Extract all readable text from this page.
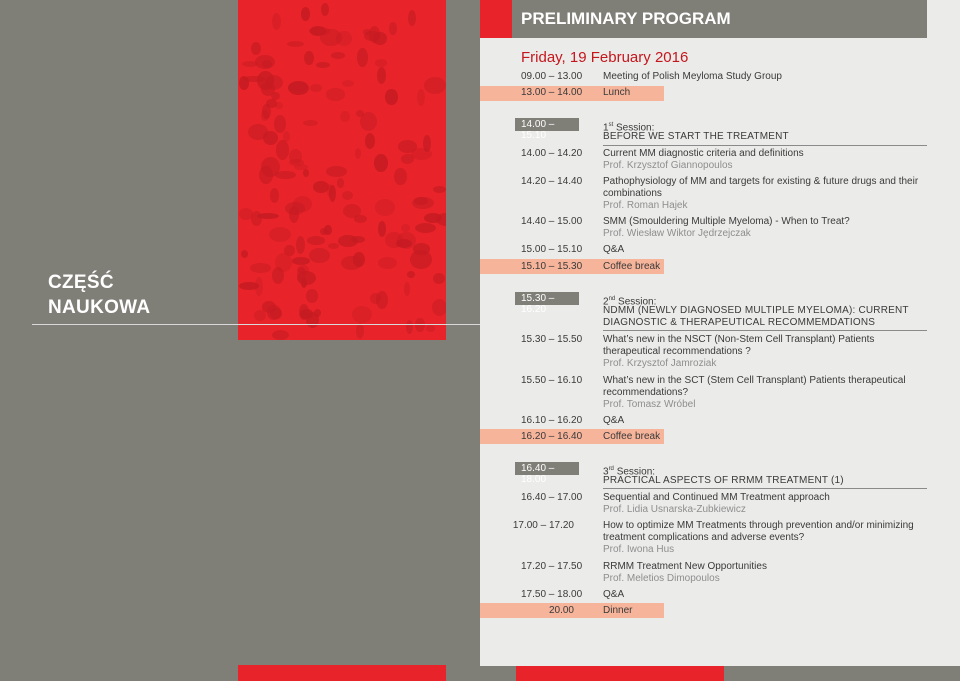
CZĘŚĆ
NAUKOWA
PRELIMINARY PROGRAM
Friday, 19 February 2016
09.00 – 13.00	Meeting of Polish Meyloma Study Group
13.00 – 14.00	Lunch
14.00 – 15.10
1st Session:
BEFORE WE START THE TREATMENT
14.00 – 14.20	Current MM diagnostic criteria and definitions
Prof. Krzysztof Giannopoulos
14.20 – 14.40	Pathophysiology of MM and targets for existing & future drugs and their combinations
Prof. Roman Hajek
14.40 – 15.00	SMM (Smouldering Multiple Myeloma) - When to Treat?
Prof. Wiesław Wiktor Jędrzejczak
15.00 – 15.10	Q&A
15.10 – 15.30	Coffee break
15.30 – 16.20
2nd Session:
NDMM (NEWLY DIAGNOSED MULTIPLE MYELOMA): CURRENT DIAGNOSTIC & THERAPEUTICAL RECOMMEMDATIONS
15.30 – 15.50	What’s new in the NSCT (Non-Stem Cell Transplant) Patients therapeutical recommendations ?
Prof. Krzysztof Jamroziak
15.50 – 16.10	What’s new in the SCT (Stem Cell Transplant) Patients therapeutical recommendations?
Prof. Tomasz Wróbel
16.10 – 16.20	Q&A
16.20 – 16.40	Coffee break
16.40 – 18.00
3rd Session:
PRACTICAL ASPECTS OF RRMM TREATMENT (1)
16.40 – 17.00	Sequential and Continued MM Treatment approach
Prof. Lidia Usnarska-Zubkiewicz
17.00 – 17.20	How to optimize MM Treatments through prevention and/or minimizing treatment complications and adverse events?
Prof. Iwona Hus
17.20 – 17.50	RRMM Treatment New Opportunities
Prof. Meletios Dimopoulos
17.50 – 18.00	Q&A
20.00	Dinner
